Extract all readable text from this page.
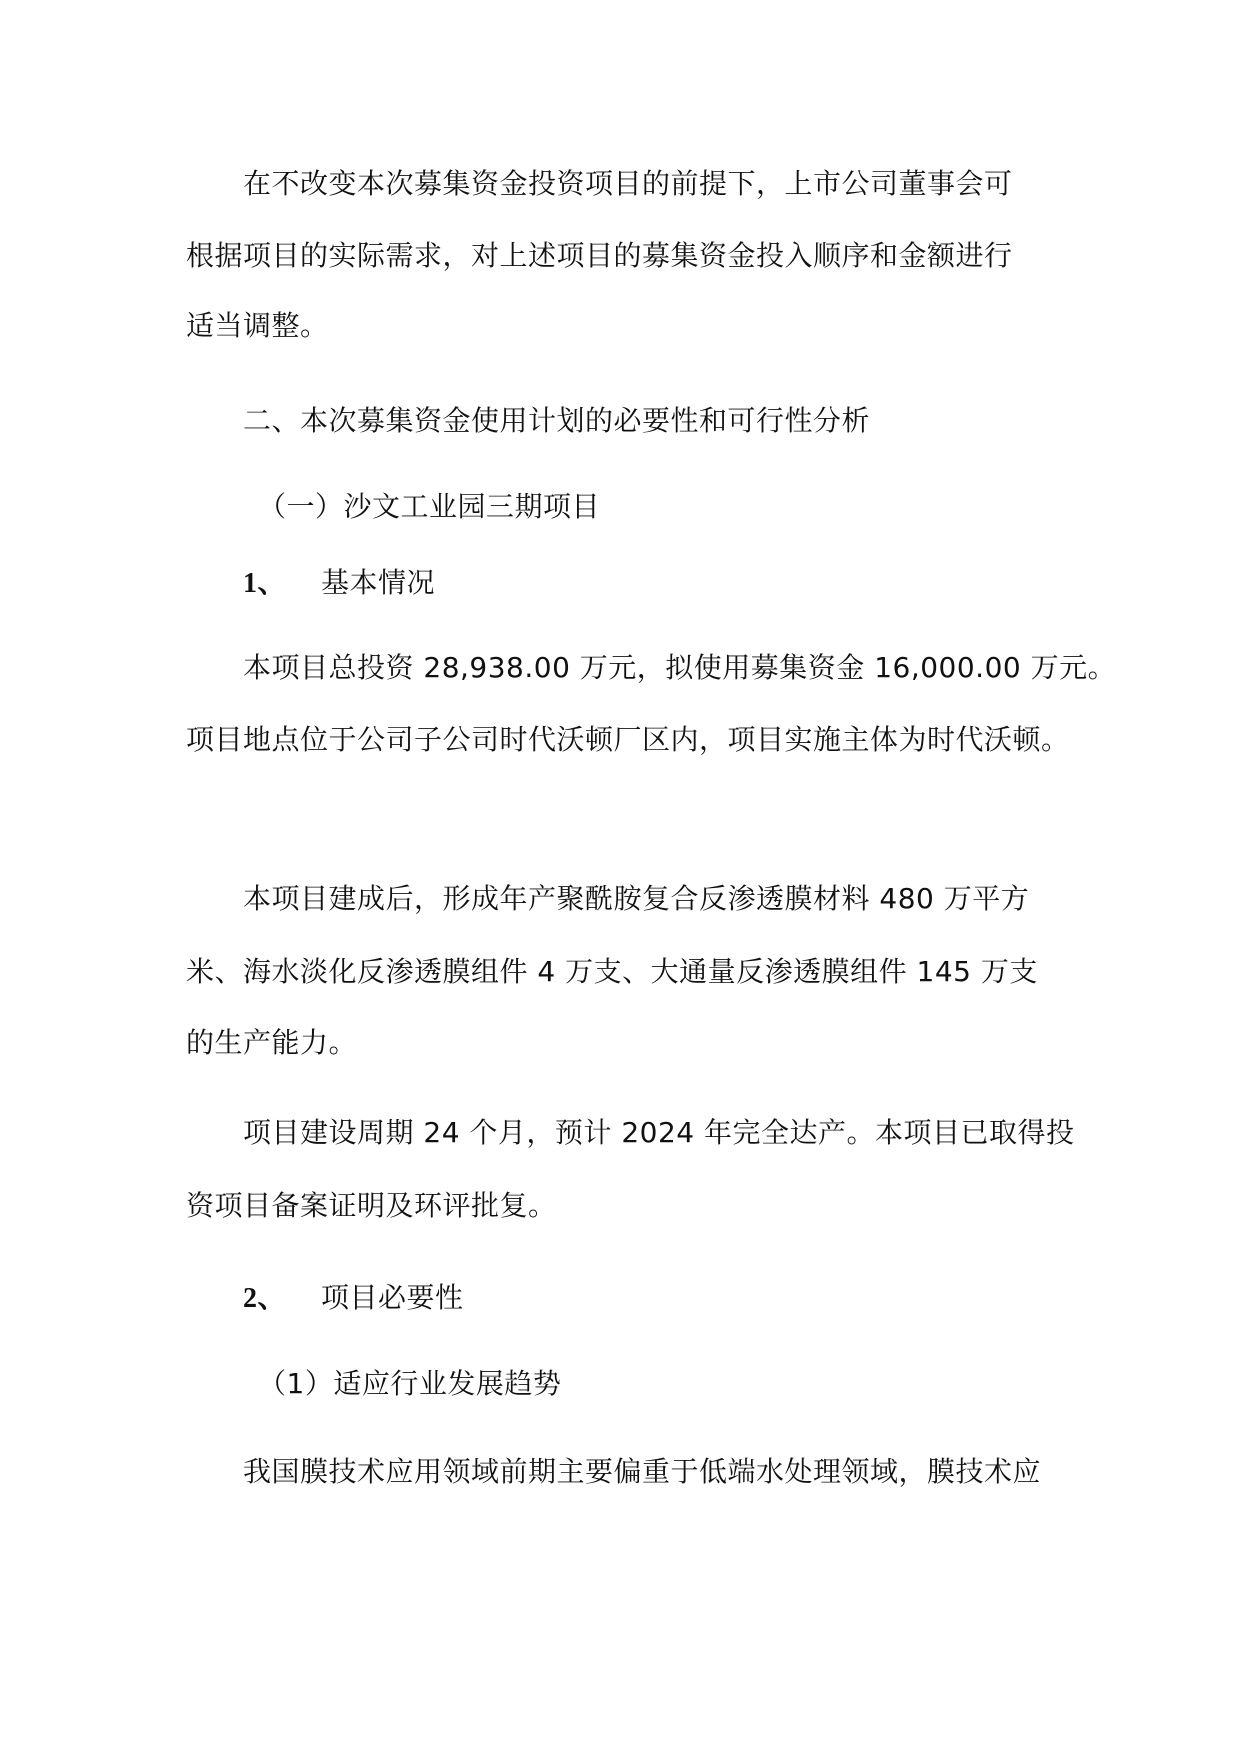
在不改变本次募集资金投资项目的前提下，上市公司董事会可
根据项目的实际需求，对上述项目的募集资金投入顺序和金额进行
适当调整。
二、本次募集资金使用计划的必要性和可行性分析
（一）沙文工业园三期项目
1、 基本情况
本项目总投资 28,938.00 万元，拟使用募集资金 16,000.00 万元。
项目地点位于公司子公司时代沃顿厂区内，项目实施主体为时代沃顿。
本项目建成后，形成年产聚酰胺复合反渗透膜材料 480 万平方
米、海水淡化反渗透膜组件 4 万支、大通量反渗透膜组件 145 万支
的生产能力。
项目建设周期 24 个月，预计 2024 年完全达产。本项目已取得投
资项目备案证明及环评批复。
2、 项目必要性
（1）适应行业发展趋势
我国膜技术应用领域前期主要偏重于低端水处理领域，膜技术应
